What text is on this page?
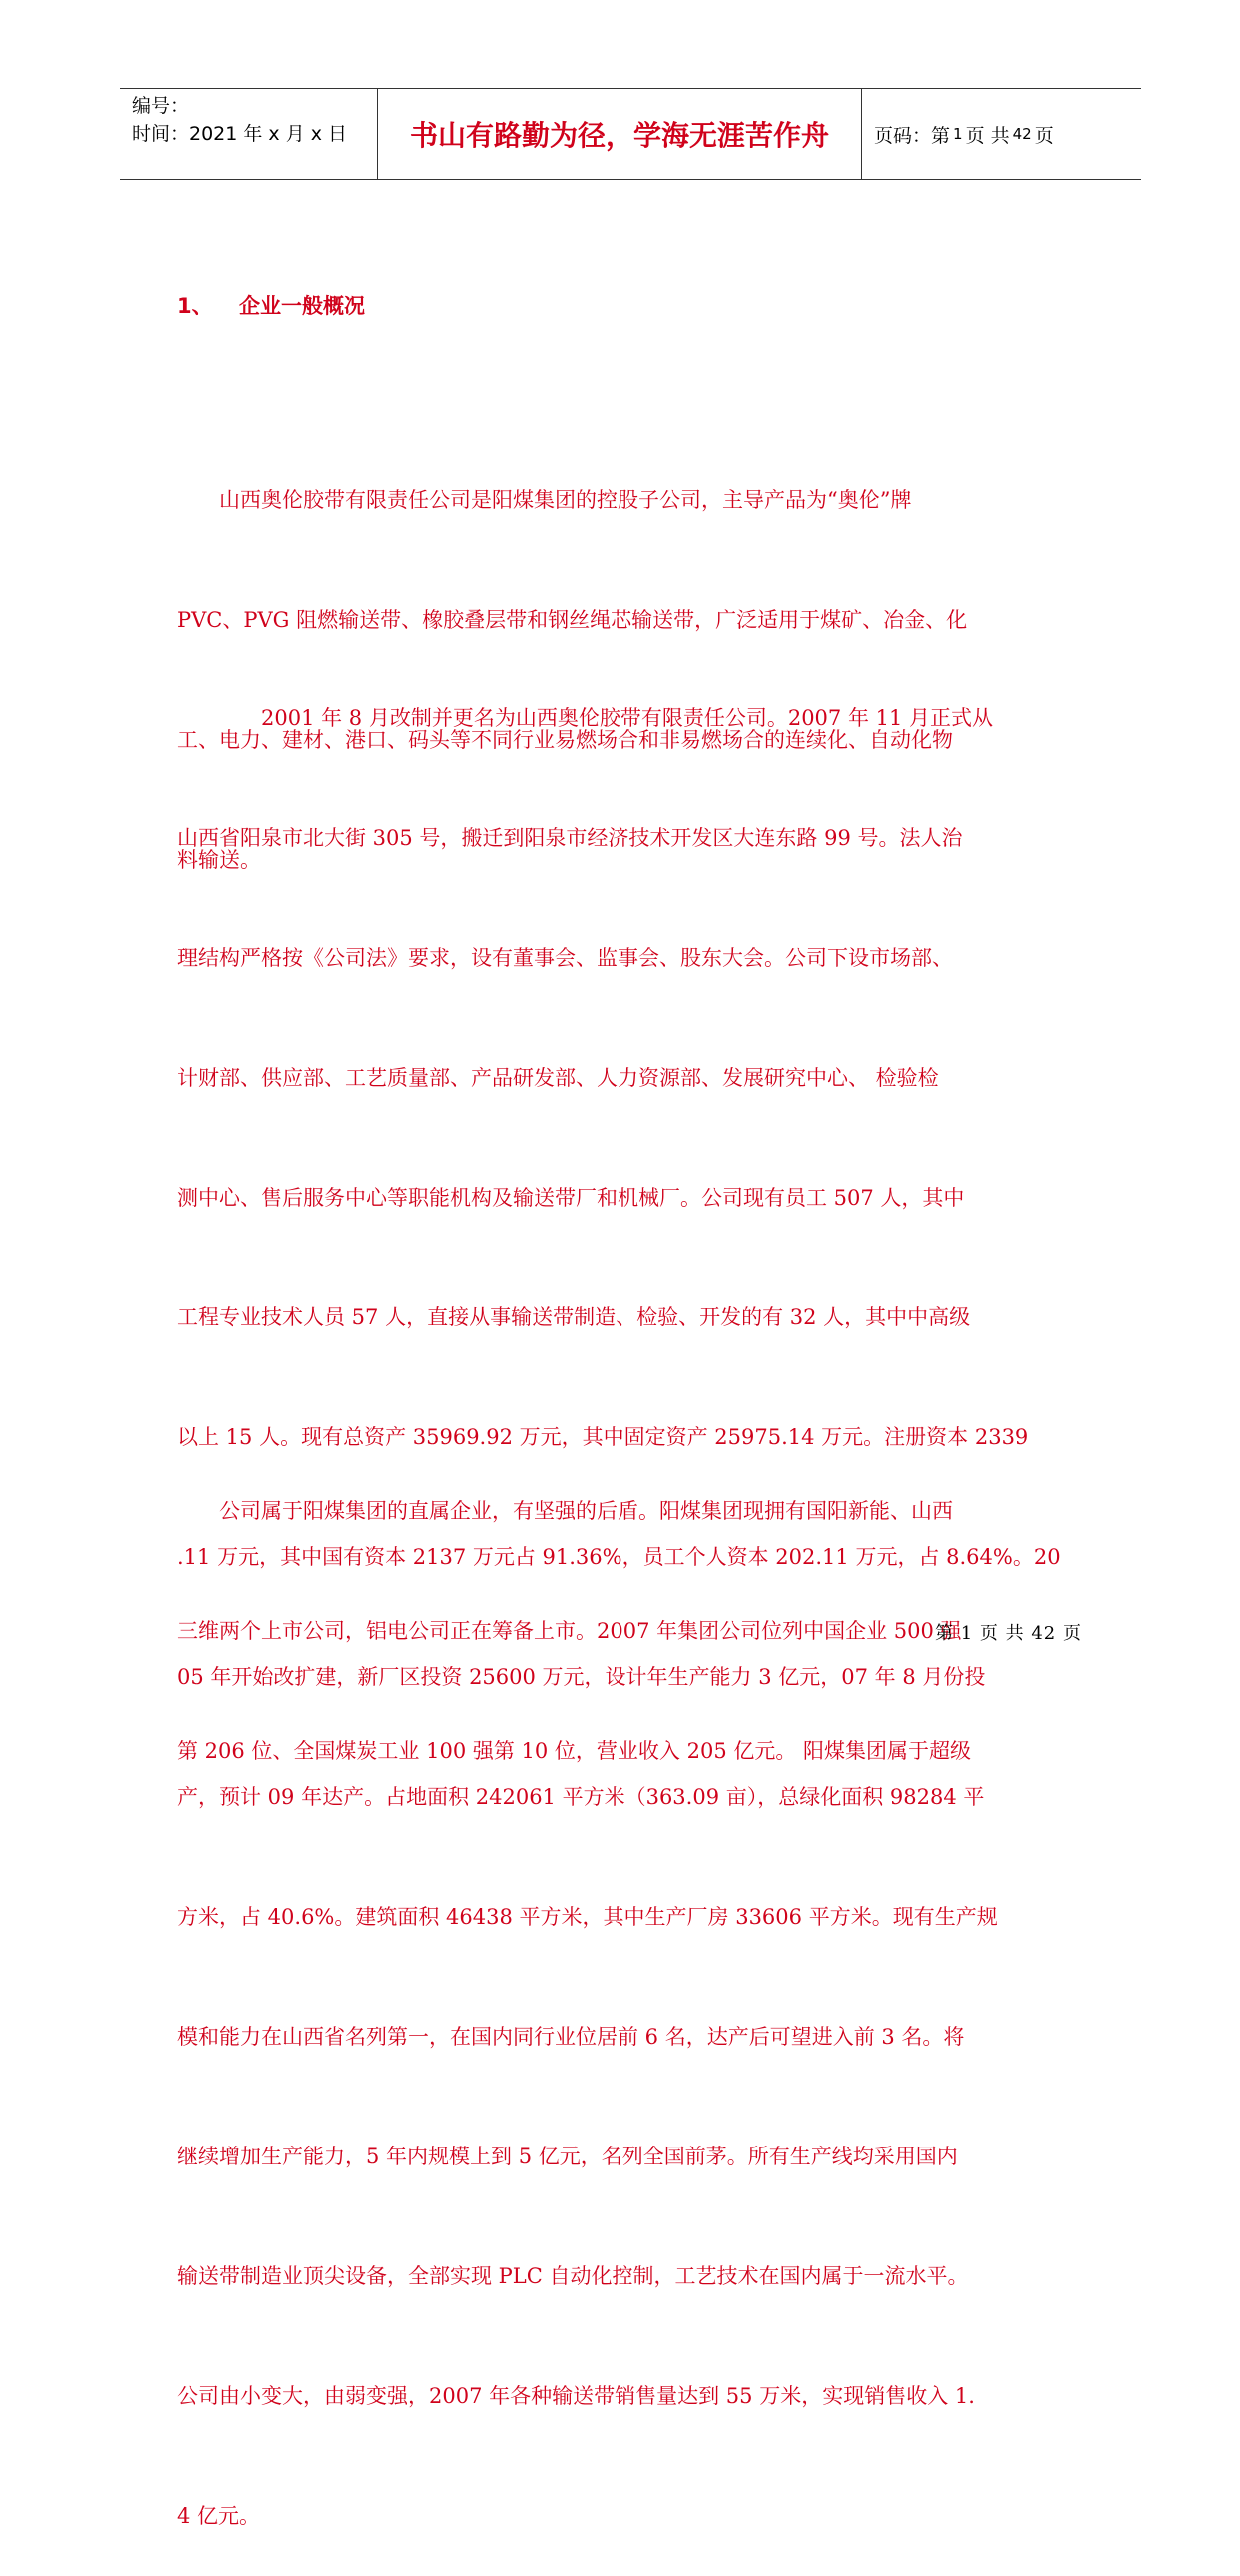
编号：
时间：2021 年 x 月 x 日	书山有路勤为径，学海无涯苦作舟	页码：第 1 页 共 42 页
1、	企业一般概况

　　山西奥伦胶带有限责任公司是阳煤集团的控股子公司，主导产品为“奥伦”牌

PVC、PVG 阻燃输送带、橡胶叠层带和钢丝绳芯输送带，广泛适用于煤矿、冶金、化

工、电力、建材、港口、码头等不同行业易燃场合和非易燃场合的连续化、自动化物

料输送。

　　　　2001 年 8 月改制并更名为山西奥伦胶带有限责任公司。2007 年 11 月正式从

山西省阳泉市北大街 305 号，搬迁到阳泉市经济技术开发区大连东路 99 号。法人治

理结构严格按《公司法》要求，设有董事会、监事会、股东大会。公司下设市场部、

计财部、供应部、工艺质量部、产品研发部、人力资源部、发展研究中心、 检验检

测中心、售后服务中心等职能机构及输送带厂和机械厂。公司现有员工 507 人，其中

工程专业技术人员 57 人，直接从事输送带制造、检验、开发的有 32 人，其中中高级

以上 15 人。现有总资产 35969.92 万元，其中固定资产 25975.14 万元。注册资本 2339

.11 万元，其中国有资本 2137 万元占 91.36%，员工个人资本 202.11 万元，占 8.64%。20

05 年开始改扩建，新厂区投资 25600 万元，设计年生产能力 3 亿元，07 年 8 月份投

产，预计 09 年达产。占地面积 242061 平方米（363.09 亩），总绿化面积 98284 平

方米，占 40.6%。建筑面积 46438 平方米，其中生产厂房 33606 平方米。现有生产规

模和能力在山西省名列第一，在国内同行业位居前 6 名，达产后可望进入前 3 名。将

继续增加生产能力，5 年内规模上到 5 亿元，名列全国前茅。所有生产线均采用国内

输送带制造业顶尖设备，全部实现 PLC 自动化控制，工艺技术在国内属于一流水平。

公司由小变大，由弱变强，2007 年各种输送带销售量达到 55 万米，实现销售收入 1.

4 亿元。

　　公司属于阳煤集团的直属企业，有坚强的后盾。阳煤集团现拥有国阳新能、山西

三维两个上市公司，铝电公司正在筹备上市。2007 年集团公司位列中国企业 500 强

第 206 位、全国煤炭工业 100 强第 10 位，营业收入 205 亿元。 阳煤集团属于超级

第 1 页 共 42 页
